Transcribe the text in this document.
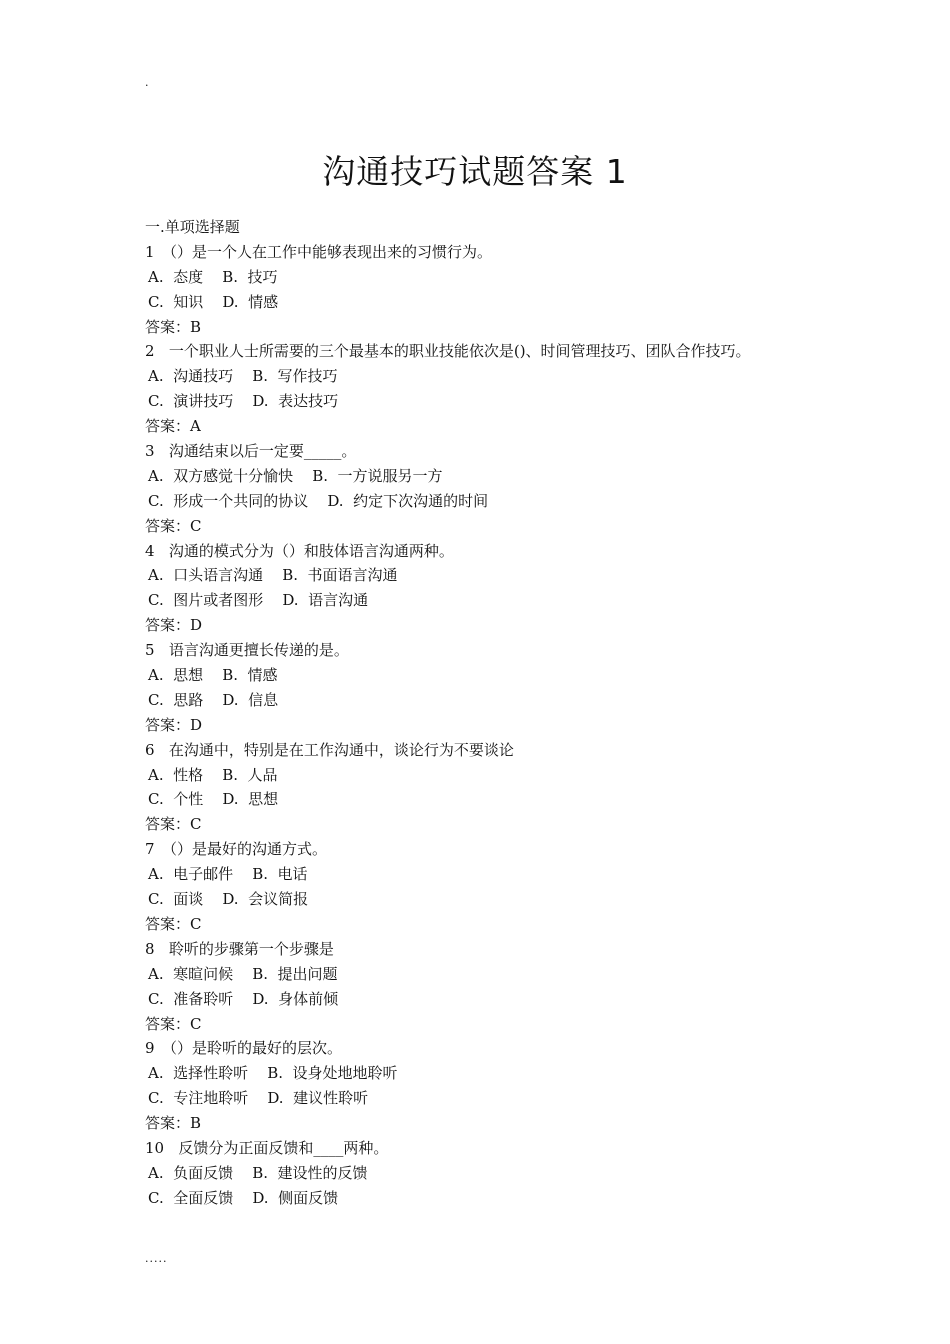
.
沟通技巧试题答案 1
一.单项选择题
1　（）是一个人在工作中能够表现出来的习惯行为。
A.  态度    B.  技巧
C.  知识    D.  情感
答案：B
2   一个职业人士所需要的三个最基本的职业技能依次是()、时间管理技巧、团队合作技巧。
A.  沟通技巧    B.  写作技巧
C.  演讲技巧    D.  表达技巧
答案：A
3   沟通结束以后一定要_____。
A.  双方感觉十分愉快    B.  一方说服另一方
C.  形成一个共同的协议    D.  约定下次沟通的时间
答案：C
4   沟通的模式分为（）和肢体语言沟通两种。
A.  口头语言沟通    B.  书面语言沟通
C.  图片或者图形    D.  语言沟通
答案：D
5   语言沟通更擅长传递的是。
A.  思想    B.  情感
C.  思路    D.  信息
答案：D
6   在沟通中，特别是在工作沟通中，谈论行为不要谈论
A.  性格    B.  人品
C.  个性    D.  思想
答案：C
7　（）是最好的沟通方式。
A.  电子邮件    B.  电话
C.  面谈    D.  会议简报
答案：C
8   聆听的步骤第一个步骤是
A.  寒暄问候    B.  提出问题
C.  准备聆听    D.  身体前倾
答案：C
9　（）是聆听的最好的层次。
A.  选择性聆听    B.  设身处地地聆听
C.  专注地聆听    D.  建议性聆听
答案：B
10   反馈分为正面反馈和____两种。
A.  负面反馈    B.  建设性的反馈
C.  全面反馈    D.  侧面反馈
.....
